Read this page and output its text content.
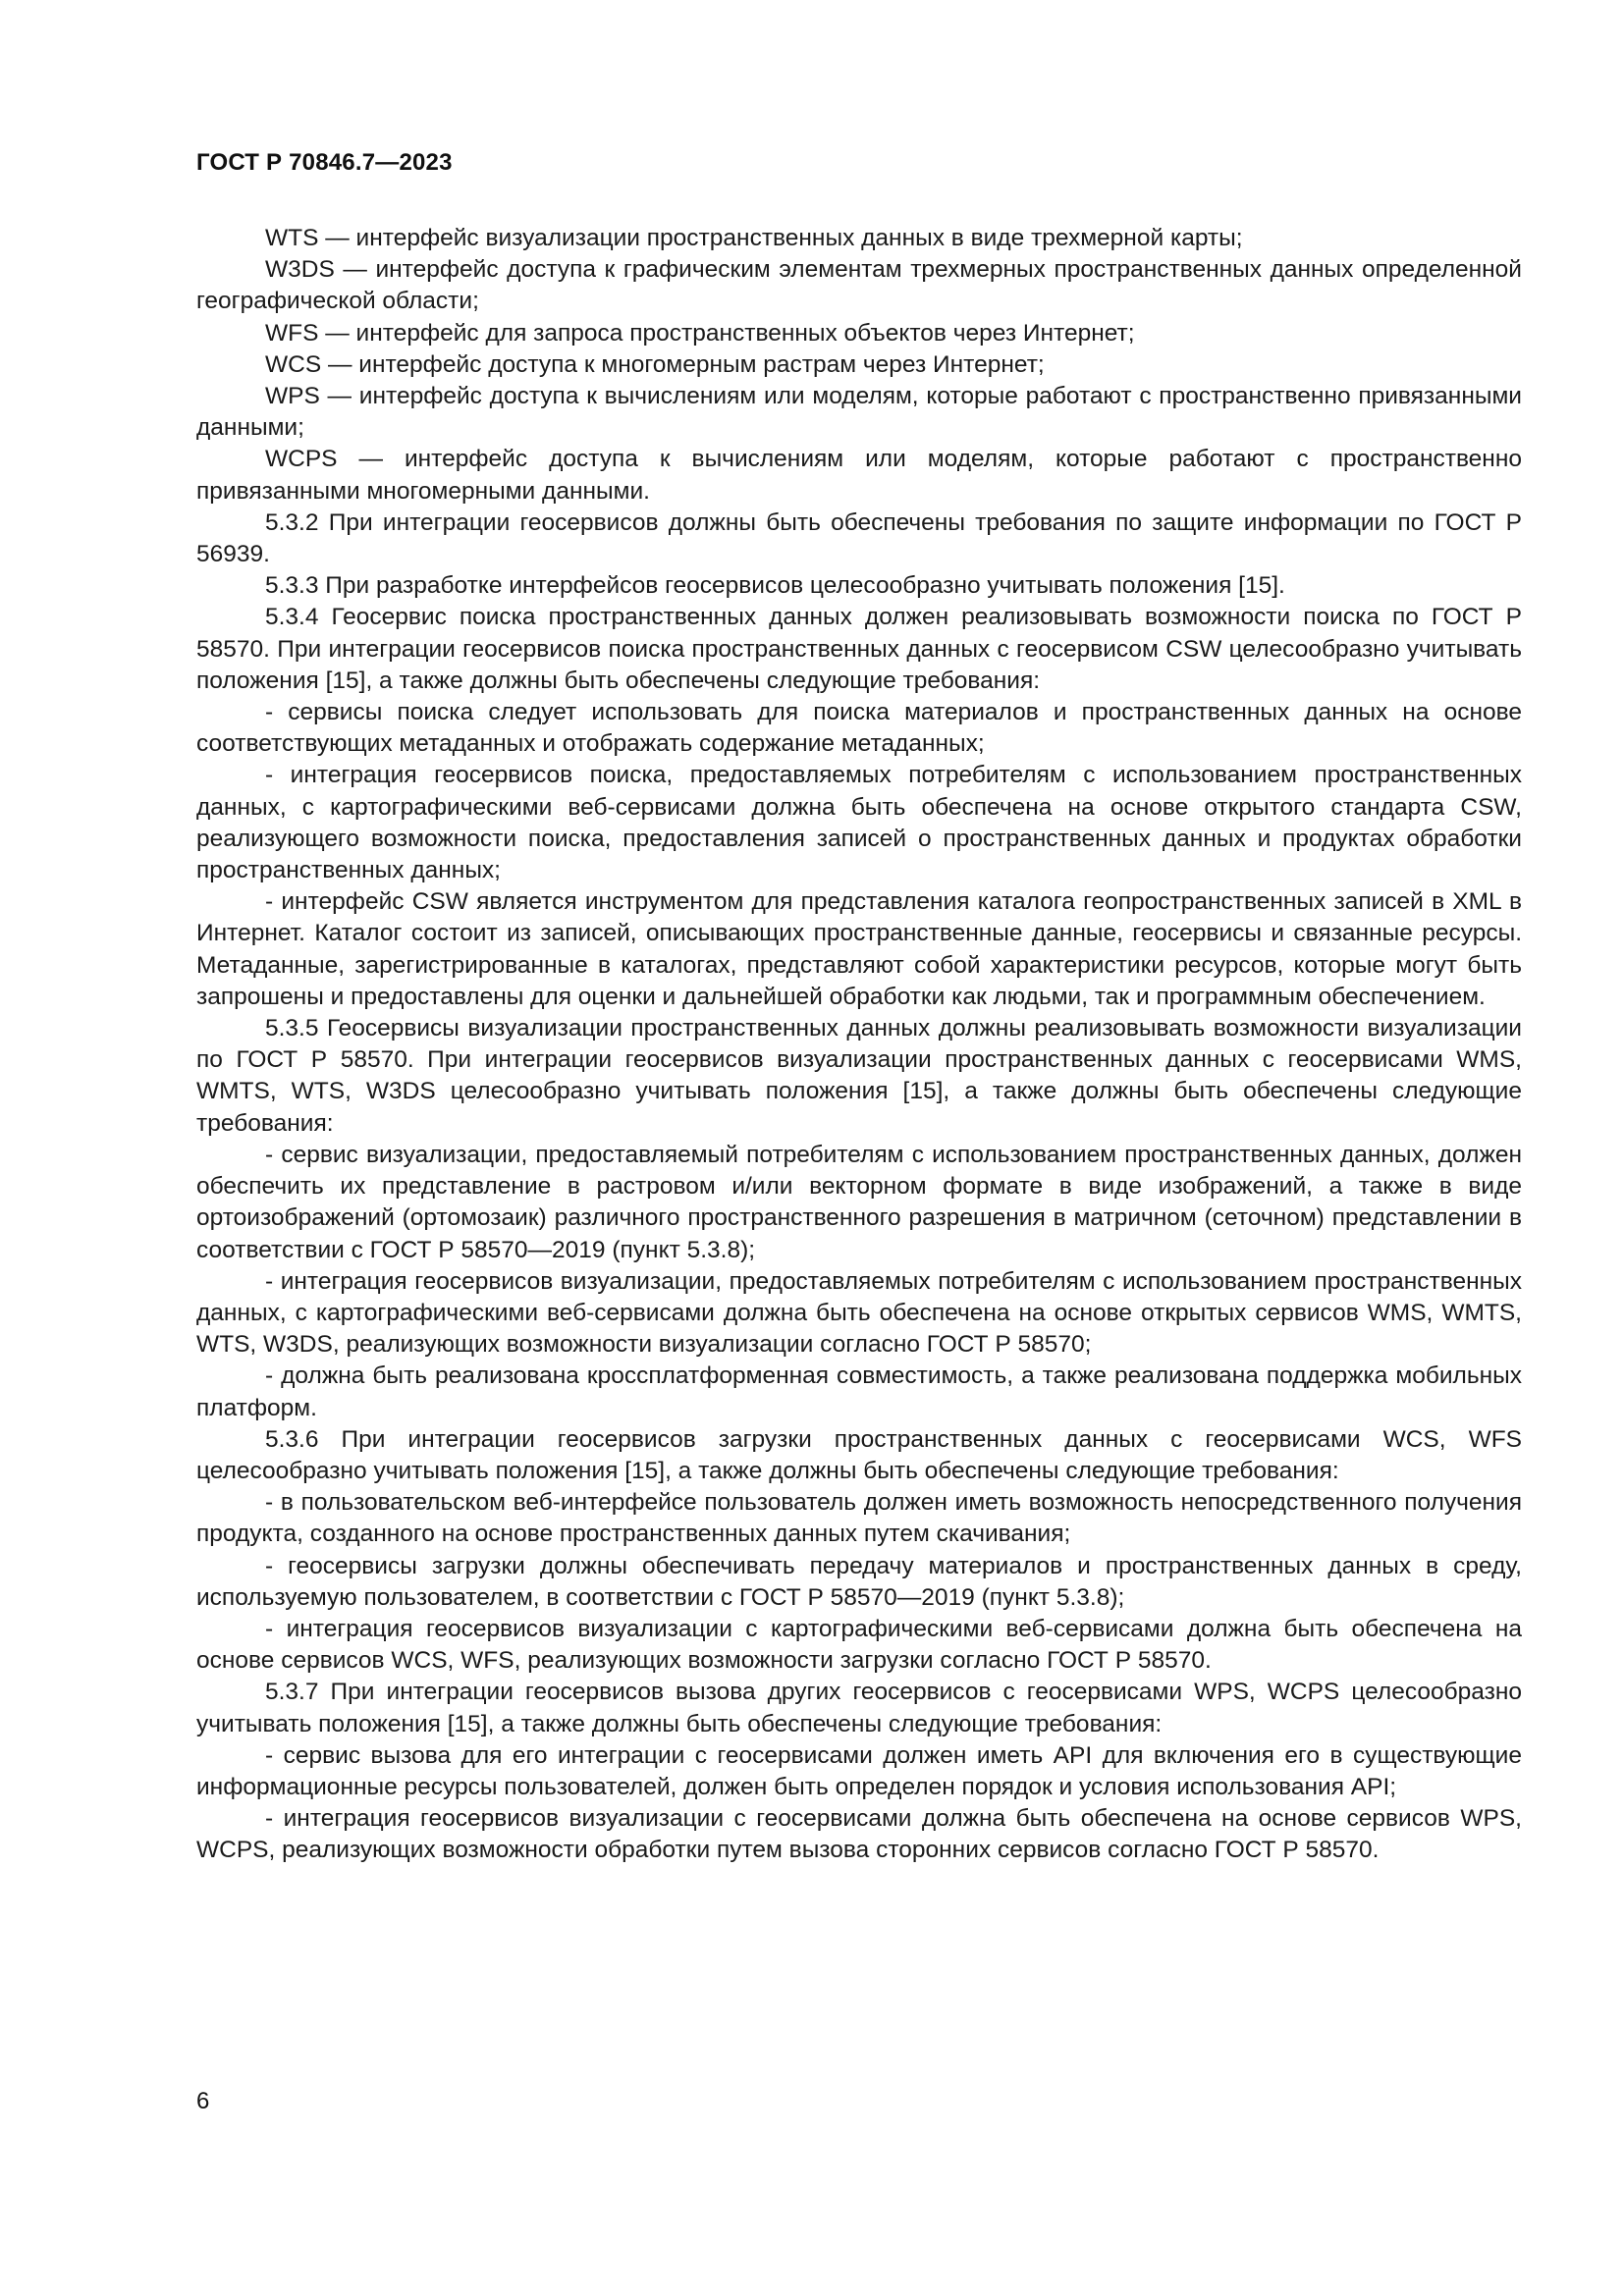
ГОСТ Р 70846.7—2023

WTS — интерфейс визуализации пространственных данных в виде трехмерной карты;

W3DS — интерфейс доступа к графическим элементам трехмерных пространственных данных определенной географической области;

WFS — интерфейс для запроса пространственных объектов через Интернет;

WCS — интерфейс доступа к многомерным растрам через Интернет;

WPS — интерфейс доступа к вычислениям или моделям, которые работают с пространственно привязанными данными;

WCPS — интерфейс доступа к вычислениям или моделям, которые работают с пространственно привязанными многомерными данными.

5.3.2 При интеграции геосервисов должны быть обеспечены требования по защите информации по ГОСТ Р 56939.

5.3.3 При разработке интерфейсов геосервисов целесообразно учитывать положения [15].

5.3.4 Геосервис поиска пространственных данных должен реализовывать возможности поиска по ГОСТ Р 58570. При интеграции геосервисов поиска пространственных данных с геосервисом CSW целесообразно учитывать положения [15], а также должны быть обеспечены следующие требования:

- сервисы поиска следует использовать для поиска материалов и пространственных данных на основе соответствующих метаданных и отображать содержание метаданных;

- интеграция геосервисов поиска, предоставляемых потребителям с использованием пространственных данных, с картографическими веб-сервисами должна быть обеспечена на основе открытого стандарта CSW, реализующего возможности поиска, предоставления записей о пространственных данных и продуктах обработки пространственных данных;

- интерфейс CSW является инструментом для представления каталога геопространственных записей в XML в Интернет. Каталог состоит из записей, описывающих пространственные данные, геосервисы и связанные ресурсы. Метаданные, зарегистрированные в каталогах, представляют собой характеристики ресурсов, которые могут быть запрошены и предоставлены для оценки и дальнейшей обработки как людьми, так и программным обеспечением.

5.3.5 Геосервисы визуализации пространственных данных должны реализовывать возможности визуализации по ГОСТ Р 58570. При интеграции геосервисов визуализации пространственных данных с геосервисами WMS, WMTS, WTS, W3DS целесообразно учитывать положения [15], а также должны быть обеспечены следующие требования:

- сервис визуализации, предоставляемый потребителям с использованием пространственных данных, должен обеспечить их представление в растровом и/или векторном формате в виде изображений, а также в виде ортоизображений (ортомозаик) различного пространственного разрешения в матричном (сеточном) представлении в соответствии с ГОСТ Р 58570—2019 (пункт 5.3.8);

- интеграция геосервисов визуализации, предоставляемых потребителям с использованием пространственных данных, с картографическими веб-сервисами должна быть обеспечена на основе открытых сервисов WMS, WMTS, WTS, W3DS, реализующих возможности визуализации согласно ГОСТ Р 58570;

- должна быть реализована кроссплатформенная совместимость, а также реализована поддержка мобильных платформ.

5.3.6 При интеграции геосервисов загрузки пространственных данных с геосервисами WCS, WFS целесообразно учитывать положения [15], а также должны быть обеспечены следующие требования:

- в пользовательском веб-интерфейсе пользователь должен иметь возможность непосредственного получения продукта, созданного на основе пространственных данных путем скачивания;

- геосервисы загрузки должны обеспечивать передачу материалов и пространственных данных в среду, используемую пользователем, в соответствии с ГОСТ Р 58570—2019 (пункт 5.3.8);

- интеграция геосервисов визуализации с картографическими веб-сервисами должна быть обеспечена на основе сервисов WCS, WFS, реализующих возможности загрузки согласно ГОСТ Р 58570.

5.3.7 При интеграции геосервисов вызова других геосервисов с геосервисами WPS, WCPS целесообразно учитывать положения [15], а также должны быть обеспечены следующие требования:

- сервис вызова для его интеграции с геосервисами должен иметь API для включения его в существующие информационные ресурсы пользователей, должен быть определен порядок и условия использования API;

- интеграция геосервисов визуализации с геосервисами должна быть обеспечена на основе сервисов WPS, WCPS, реализующих возможности обработки путем вызова сторонних сервисов согласно ГОСТ Р 58570.

6
